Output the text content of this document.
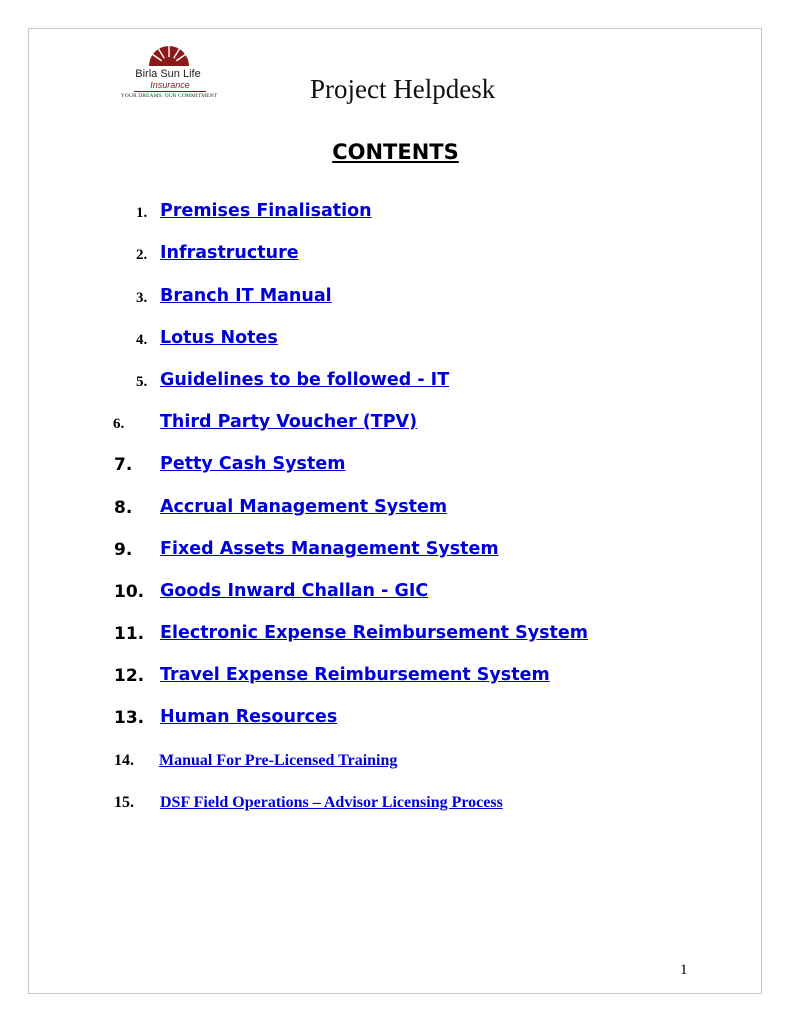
Birla Sun Life
Insurance
YOUR DREAMS. OUR COMMITMENT	Project Helpdesk
CONTENTS
1. Premises Finalisation
2. Infrastructure
3. Branch IT Manual
4. Lotus Notes
5. Guidelines to be followed - IT
6. Third Party Voucher (TPV)
7. Petty Cash System
8. Accrual Management System
9. Fixed Assets Management System
10. Goods Inward Challan - GIC
11. Electronic Expense Reimbursement System
12. Travel Expense Reimbursement System
13. Human Resources
14. Manual For Pre-Licensed Training
15. DSF Field Operations – Advisor Licensing Process
1
